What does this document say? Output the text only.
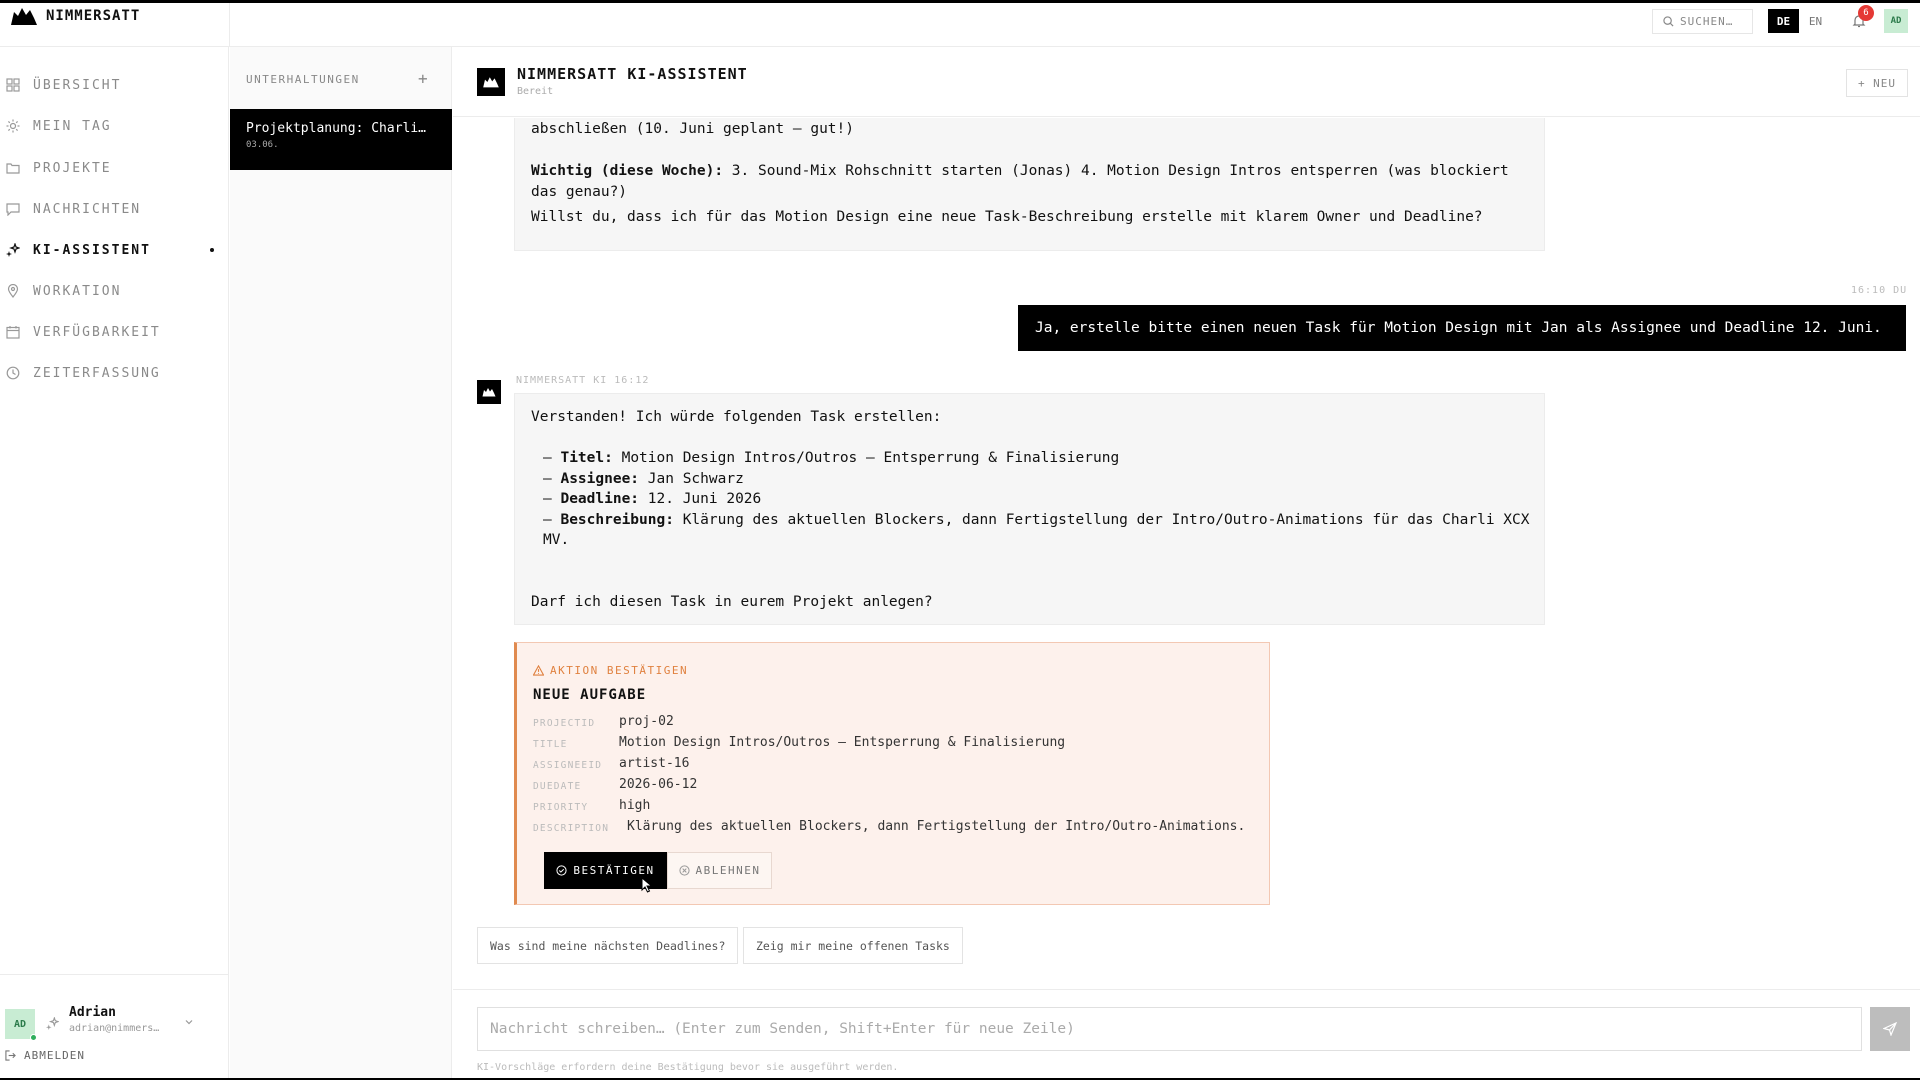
NIMMERSATT	SUCHEN…	DE	EN
6
AD
ÜBERSICHT
MEIN TAG
PROJEKTE
NACHRICHTEN
KI-ASSISTENT
WORKATION
VERFÜGBARKEIT
ZEITERFASSUNG
AD
Adrian
adrian@nimmers…
ABMELDEN
UNTERHALTUNGEN	+
Projektplanung: Charli…
03.06.
NIMMERSATT KI-ASSISTENT
Bereit
+ NEU

abschließen (10. Juni geplant – gut!)

Wichtig (diese Woche): 3. Sound-Mix Rohschnitt starten (Jonas) 4. Motion Design Intros entsperren (was blockiert das genau?)

Willst du, dass ich für das Motion Design eine neue Task-Beschreibung erstelle mit klarem Owner und Deadline?

16:10 DU
Ja, erstelle bitte einen neuen Task für Motion Design mit Jan als Assignee und Deadline 12. Juni.
NIMMERSATT KI 16:12

Verstanden! Ich würde folgenden Task erstellen:

– Titel: Motion Design Intros/Outros – Entsperrung & Finalisierung

– Assignee: Jan Schwarz

– Deadline: 12. Juni 2026

– Beschreibung: Klärung des aktuellen Blockers, dann Fertigstellung der Intro/Outro-Animations für das Charli XCX MV.

Darf ich diesen Task in eurem Projekt anlegen?

AKTION BESTÄTIGEN
NEUE AUFGABE
PROJECTID proj-02
TITLE	Motion Design Intros/Outros – Entsperrung & Finalisierung
ASSIGNEEID artist-16
DUEDATE	2026-06-12
PRIORITY high
DESCRIPTION Klärung des aktuellen Blockers, dann Fertigstellung der Intro/Outro-Animations.
BESTÄTIGEN	ABLEHNEN
Was sind meine nächsten Deadlines?	Zeig mir meine offenen Tasks
Nachricht schreiben… (Enter zum Senden, Shift+Enter für neue Zeile)
KI-Vorschläge erfordern deine Bestätigung bevor sie ausgeführt werden.
